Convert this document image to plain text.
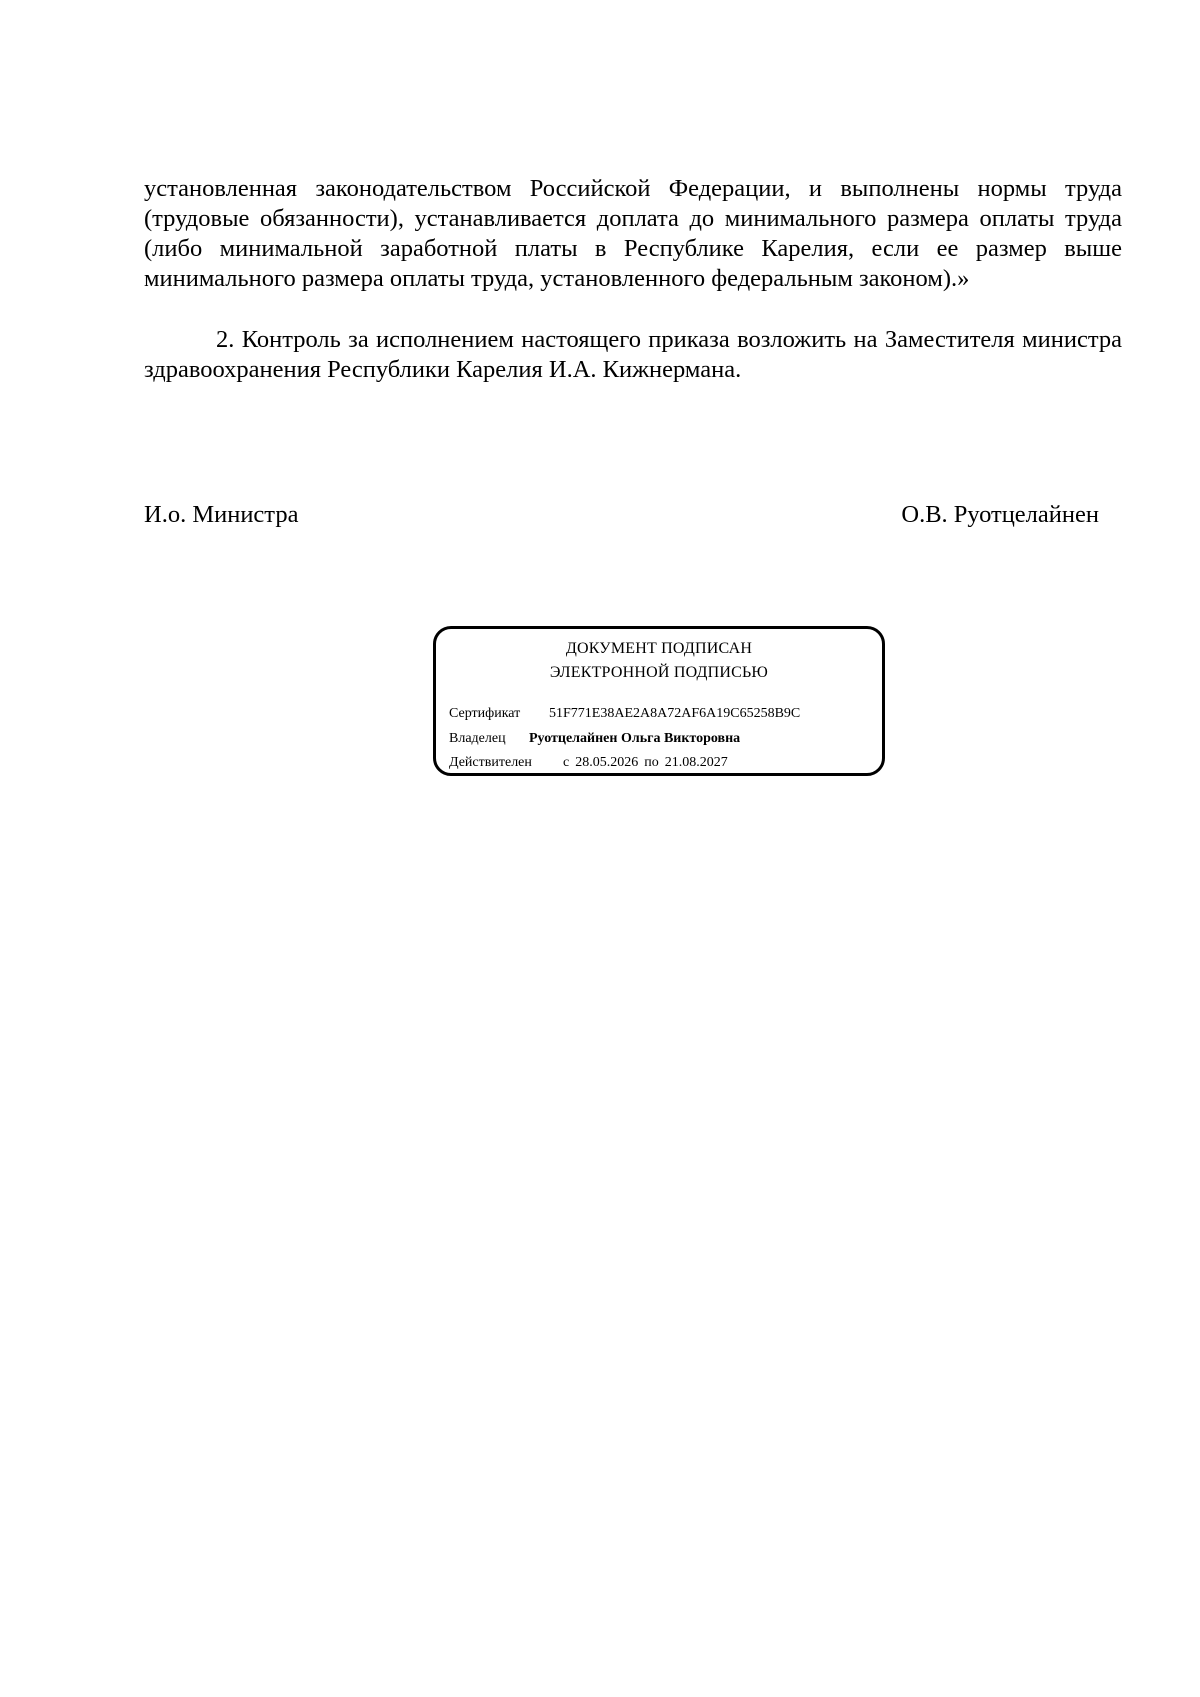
установленная законодательством Российской Федерации, и выполнены нормы труда (трудовые обязанности), устанавливается доплата до минимального размера оплаты труда (либо минимальной заработной платы в Республике Карелия, если ее размер выше минимального размера оплаты труда, установленного федеральным законом).»

2. Контроль за исполнением настоящего приказа возложить на Заместителя министра здравоохранения Республики Карелия И.А. Кижнермана.

И.о. Министра	О.В. Руотцелайнен

ДОКУМЕНТ ПОДПИСАН
ЭЛЕКТРОННОЙ ПОДПИСЬЮ
Сертификат 51F771E38AE2A8A72AF6A19C65258B9C
Владелец Руотцелайнен Ольга Викторовна
Действителен с 28.05.2026 по 21.08.2027
